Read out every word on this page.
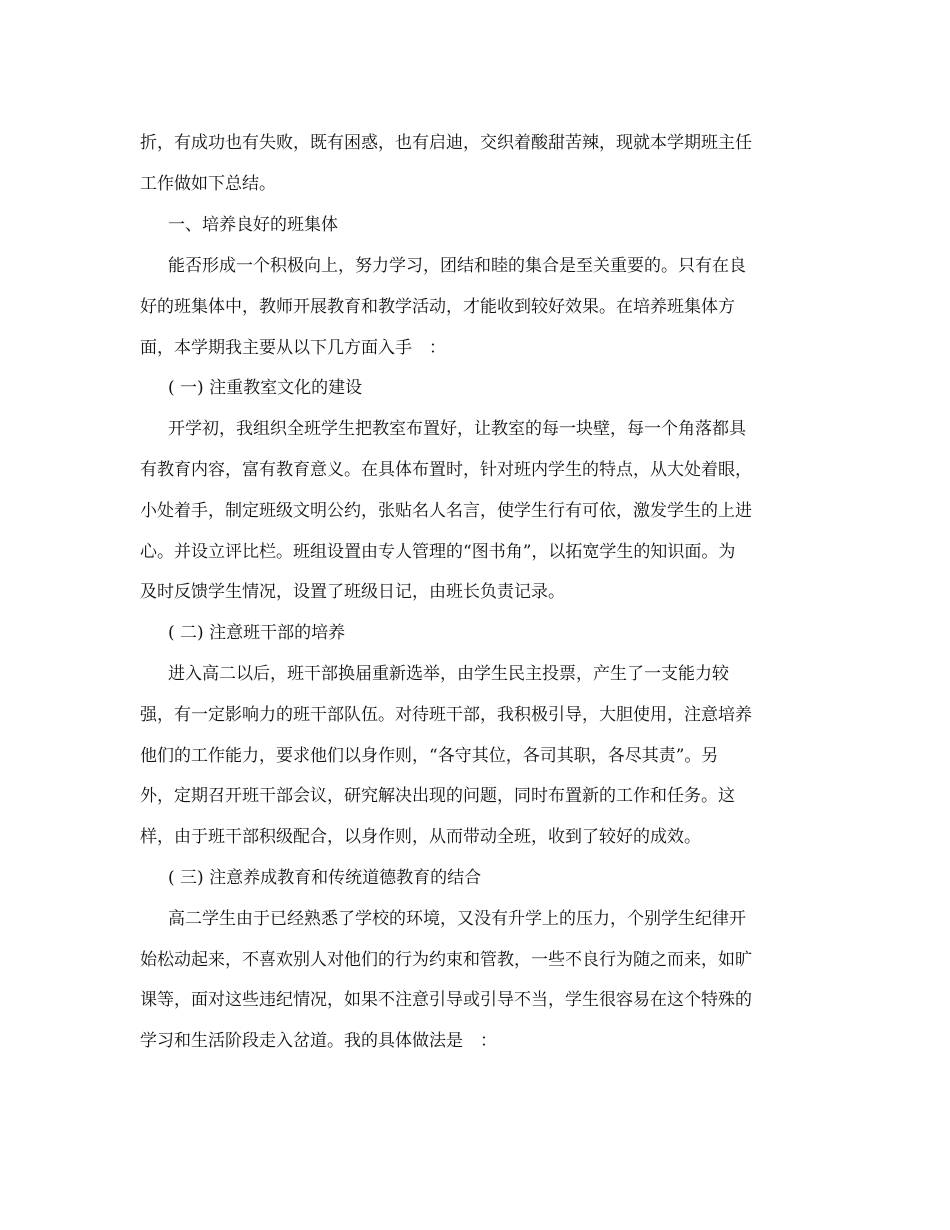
折，有成功也有失败，既有困惑，也有启迪，交织着酸甜苦辣，现就本学期班主任
工作做如下总结。
一、培养良好的班集体
能否形成一个积极向上，努力学习，团结和睦的集合是至关重要的。只有在良
好的班集体中，教师开展教育和教学活动，才能收到较好效果。在培养班集体方
面，本学期我主要从以下几方面入手　：
( 一) 注重教室文化的建设
开学初，我组织全班学生把教室布置好，让教室的每一块壁，每一个角落都具
有教育内容，富有教育意义。在具体布置时，针对班内学生的特点，从大处着眼，
小处着手，制定班级文明公约，张贴名人名言，使学生行有可依，激发学生的上进
心。并设立评比栏。班组设置由专人管理的“图书角”，以拓宽学生的知识面。为
及时反馈学生情况，设置了班级日记，由班长负责记录。
( 二) 注意班干部的培养
进入高二以后，班干部换届重新选举，由学生民主投票，产生了一支能力较
强，有一定影响力的班干部队伍。对待班干部，我积极引导，大胆使用，注意培养
他们的工作能力，要求他们以身作则，“各守其位，各司其职，各尽其责”。另
外，定期召开班干部会议，研究解决出现的问题，同时布置新的工作和任务。这
样，由于班干部积级配合，以身作则，从而带动全班，收到了较好的成效。
( 三) 注意养成教育和传统道德教育的结合
高二学生由于已经熟悉了学校的环境，又没有升学上的压力，个别学生纪律开
始松动起来，不喜欢别人对他们的行为约束和管教，一些不良行为随之而来，如旷
课等，面对这些违纪情况，如果不注意引导或引导不当，学生很容易在这个特殊的
学习和生活阶段走入岔道。我的具体做法是　：
